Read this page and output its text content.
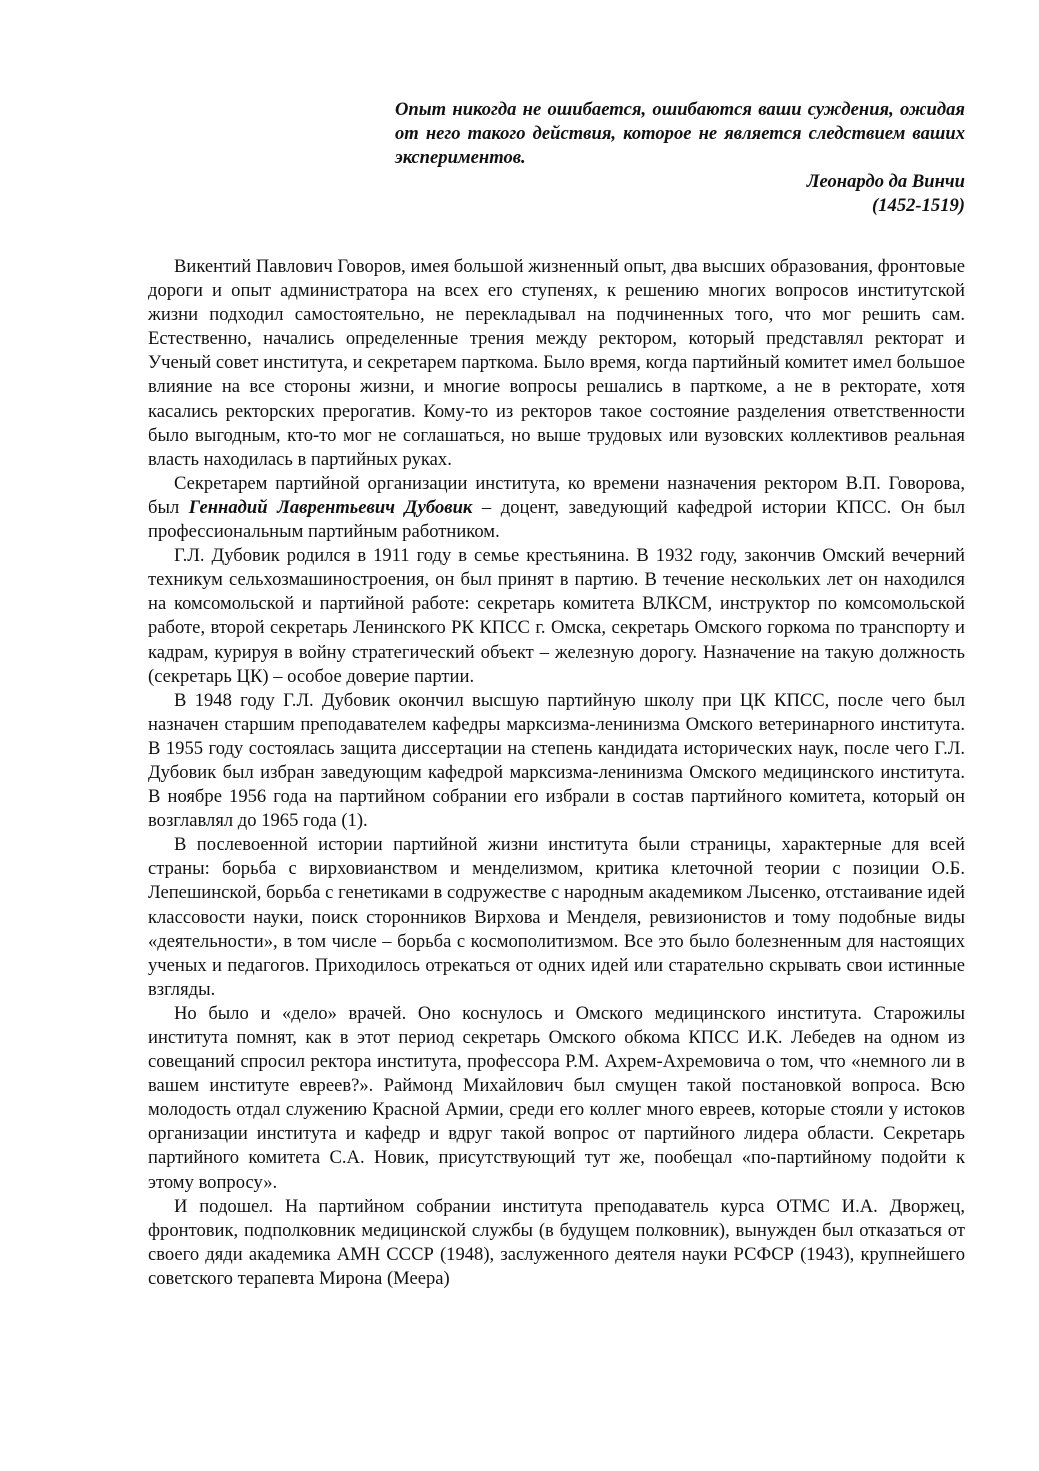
Опыт никогда не ошибается, ошибаются ваши суждения, ожидая от него такого действия, которое не является следствием ваших экспериментов.

Леонардо да Винчи

(1452-1519)

Викентий Павлович Говоров, имея большой жизненный опыт, два высших образования, фронтовые дороги и опыт администратора на всех его ступенях, к решению многих вопросов институтской жизни подходил самостоятельно, не перекладывал на подчиненных того, что мог решить сам. Естественно, начались определенные трения между ректором, который представлял ректорат и Ученый совет института, и секретарем парткома. Было время, когда партийный комитет имел большое влияние на все стороны жизни, и многие вопросы решались в парткоме, а не в ректорате, хотя касались ректорских прерогатив. Кому-то из ректоров такое состояние разделения ответственности было выгодным, кто-то мог не соглашаться, но выше трудовых или вузовских коллективов реальная власть находилась в партийных руках.

Секретарем партийной организации института, ко времени назначения ректором В.П. Говорова, был Геннадий Лаврентьевич Дубовик – доцент, заведующий кафедрой истории КПСС. Он был профессиональным партийным работником.

Г.Л. Дубовик родился в 1911 году в семье крестьянина. В 1932 году, закончив Омский вечерний техникум сельхозмашиностроения, он был принят в партию. В течение нескольких лет он находился на комсомольской и партийной работе: секретарь комитета ВЛКСМ, инструктор по комсомольской работе, второй секретарь Ленинского РК КПСС г. Омска, секретарь Омского горкома по транспорту и кадрам, курируя в войну стратегический объект – железную дорогу. Назначение на такую должность (секретарь ЦК) – особое доверие партии.

В 1948 году Г.Л. Дубовик окончил высшую партийную школу при ЦК КПСС, после чего был назначен старшим преподавателем кафедры марксизма-ленинизма Омского ветеринарного института. В 1955 году состоялась защита диссертации на степень кандидата исторических наук, после чего Г.Л. Дубовик был избран заведующим кафедрой марксизма-ленинизма Омского медицинского института. В ноябре 1956 года на партийном собрании его избрали в состав партийного комитета, который он возглавлял до 1965 года (1).

В послевоенной истории партийной жизни института были страницы, характерные для всей страны: борьба с вирховианством и менделизмом, критика клеточной теории с позиции О.Б. Лепешинской, борьба с генетиками в содружестве с народным академиком Лысенко, отстаивание идей классовости науки, поиск сторонников Вирхова и Менделя, ревизионистов и тому подобные виды «деятельности», в том числе – борьба с космополитизмом. Все это было болезненным для настоящих ученых и педагогов. Приходилось отрекаться от одних идей или старательно скрывать свои истинные взгляды.

Но было и «дело» врачей. Оно коснулось и Омского медицинского института. Старожилы института помнят, как в этот период секретарь Омского обкома КПСС И.К. Лебедев на одном из совещаний спросил ректора института, профессора Р.М. Ахрем-Ахремовича о том, что «немного ли в вашем институте евреев?». Раймонд Михайлович был смущен такой постановкой вопроса. Всю молодость отдал служению Красной Армии, среди его коллег много евреев, которые стояли у истоков организации института и кафедр и вдруг такой вопрос от партийного лидера области. Секретарь партийного комитета С.А. Новик, присутствующий тут же, пообещал «по-партийному подойти к этому вопросу».

И подошел. На партийном собрании института преподаватель курса ОТМС И.А. Дворжец, фронтовик, подполковник медицинской службы (в будущем полковник), вынужден был отказаться от своего дяди академика АМН СССР (1948), заслуженного деятеля науки РСФСР (1943), крупнейшего советского терапевта Мирона (Меера)
